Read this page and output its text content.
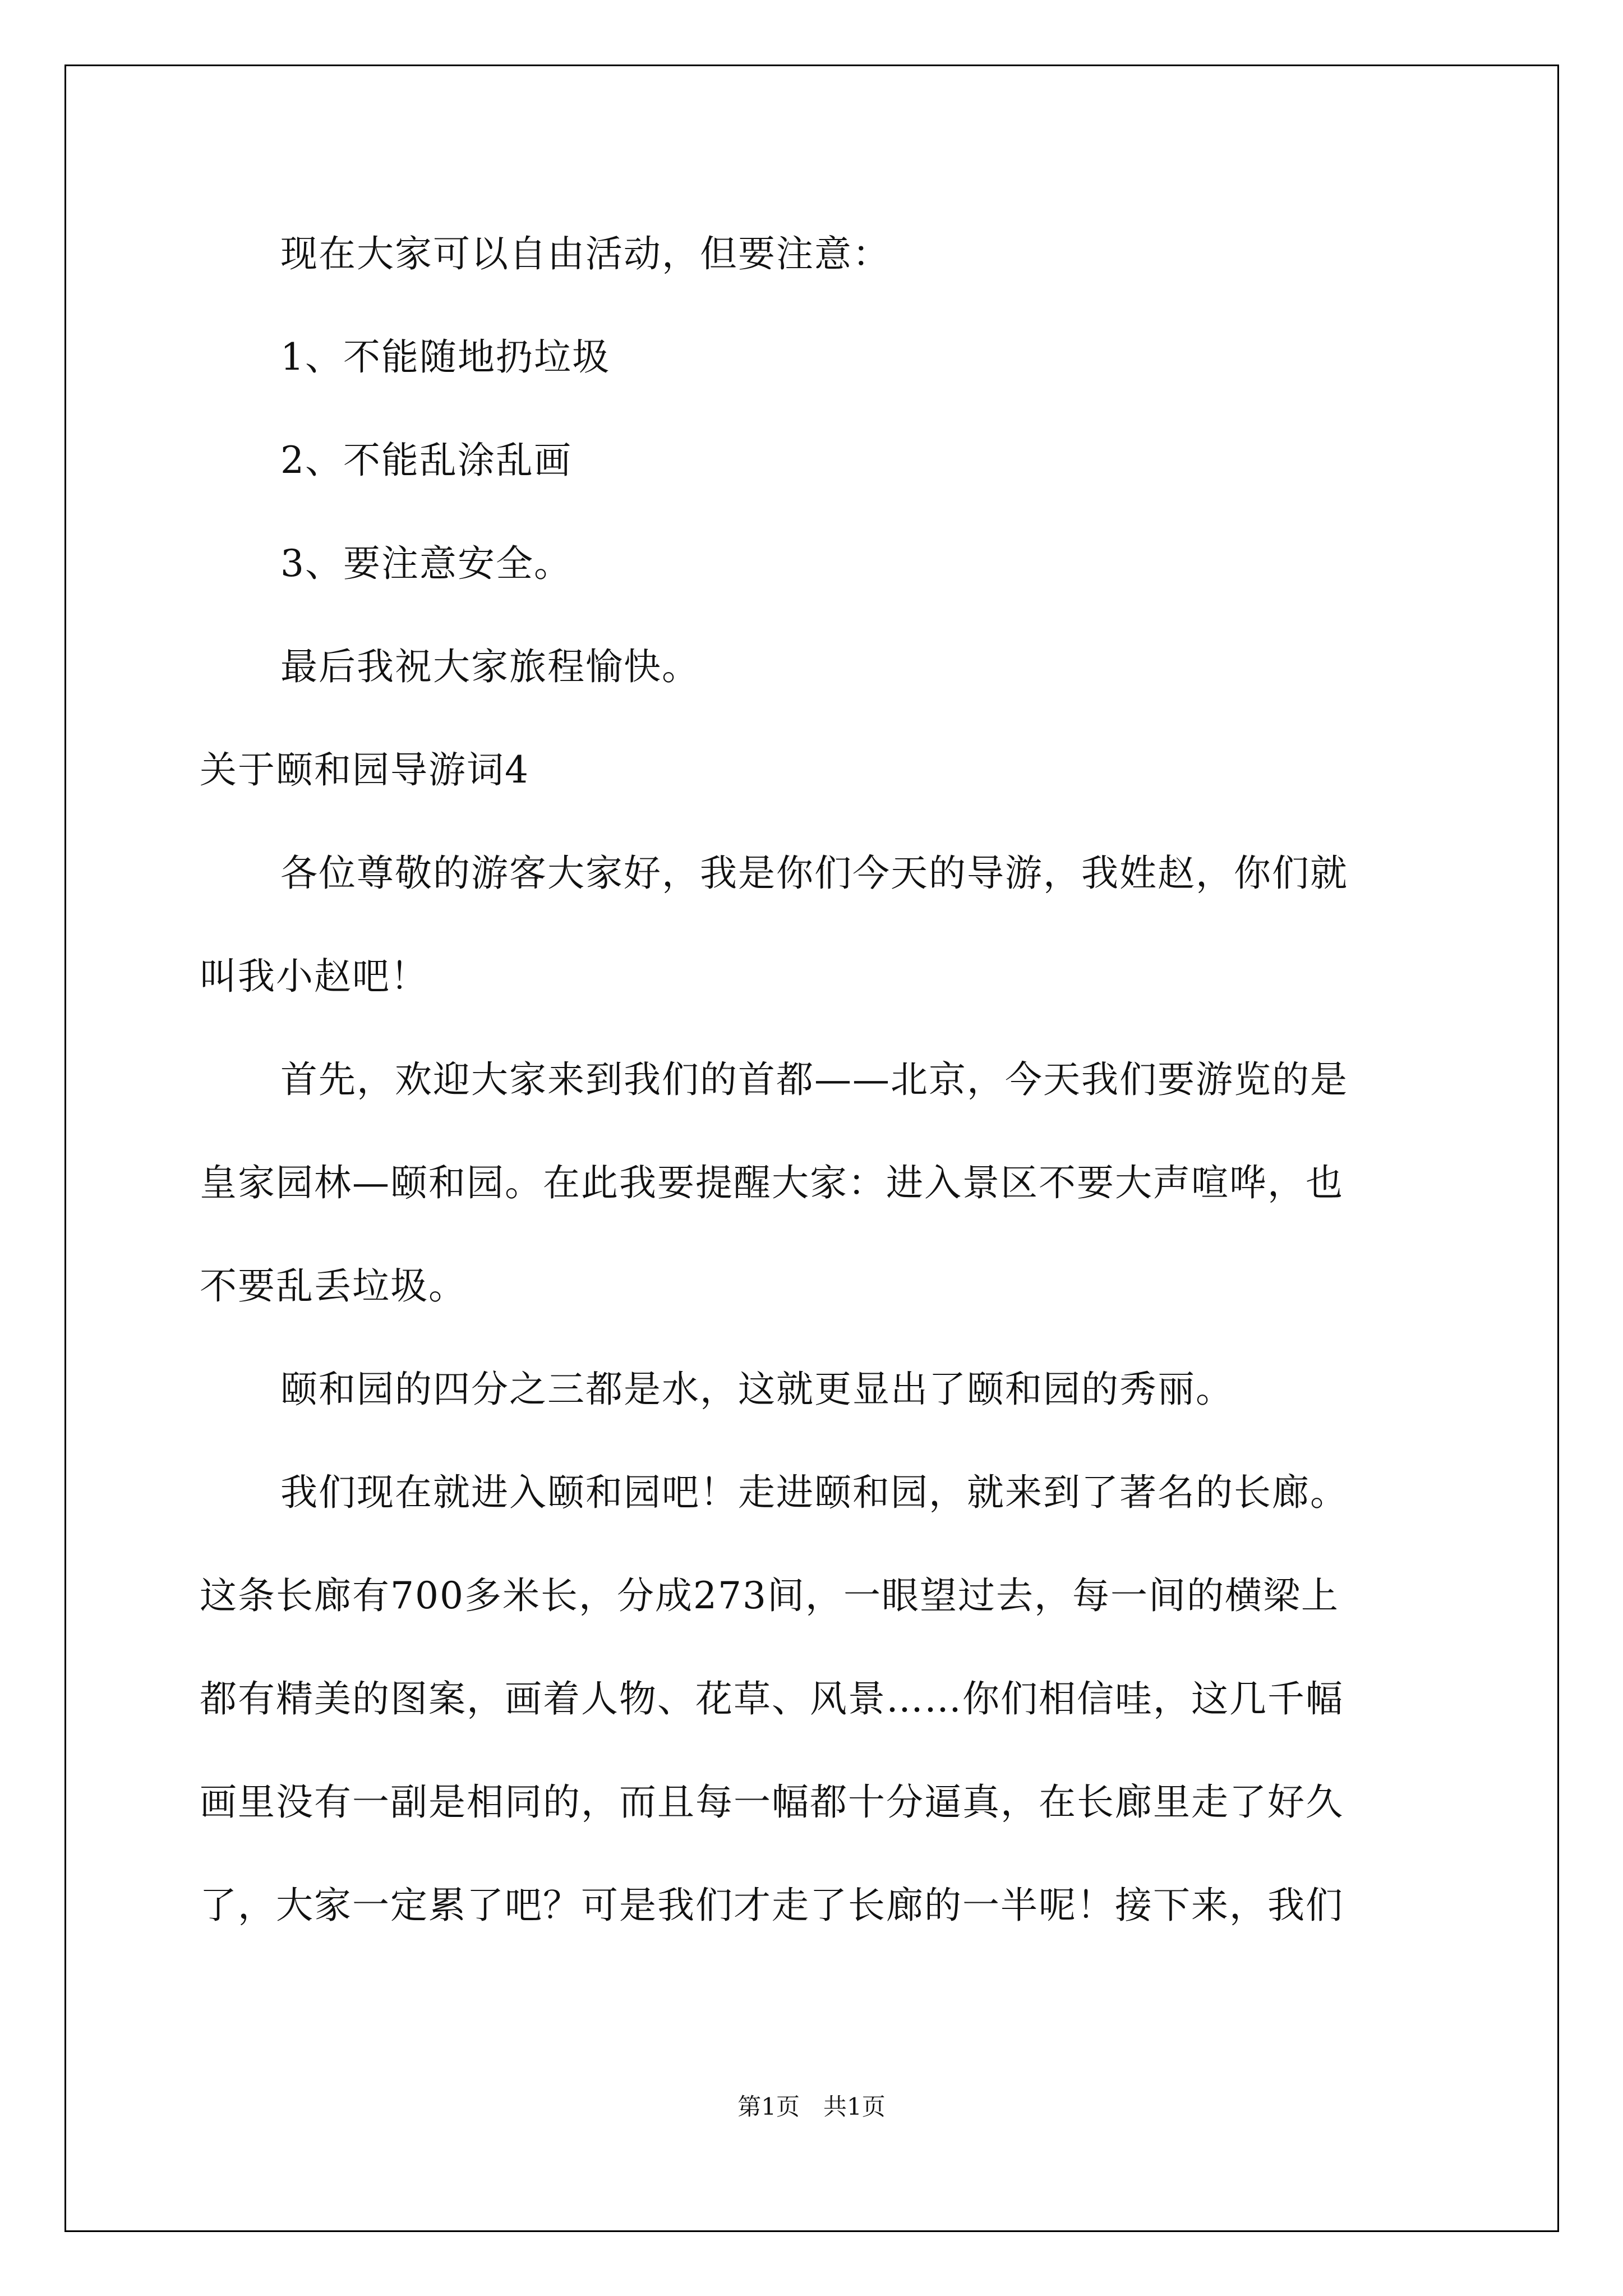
现在大家可以自由活动，但要注意：
1、不能随地扔垃圾
2、不能乱涂乱画
3、要注意安全。
最后我祝大家旅程愉快。
关于颐和园导游词4
各位尊敬的游客大家好，我是你们今天的导游，我姓赵，你们就
叫我小赵吧！
首先，欢迎大家来到我们的首都——北京，今天我们要游览的是
皇家园林—颐和园。在此我要提醒大家：进入景区不要大声喧哗，也
不要乱丢垃圾。
颐和园的四分之三都是水，这就更显出了颐和园的秀丽。
我们现在就进入颐和园吧！走进颐和园，就来到了著名的长廊。
这条长廊有700多米长，分成273间，一眼望过去，每一间的横梁上
都有精美的图案，画着人物、花草、风景……你们相信哇，这几千幅
画里没有一副是相同的，而且每一幅都十分逼真，在长廊里走了好久
了，大家一定累了吧？可是我们才走了长廊的一半呢！接下来，我们
第1页　共1页
